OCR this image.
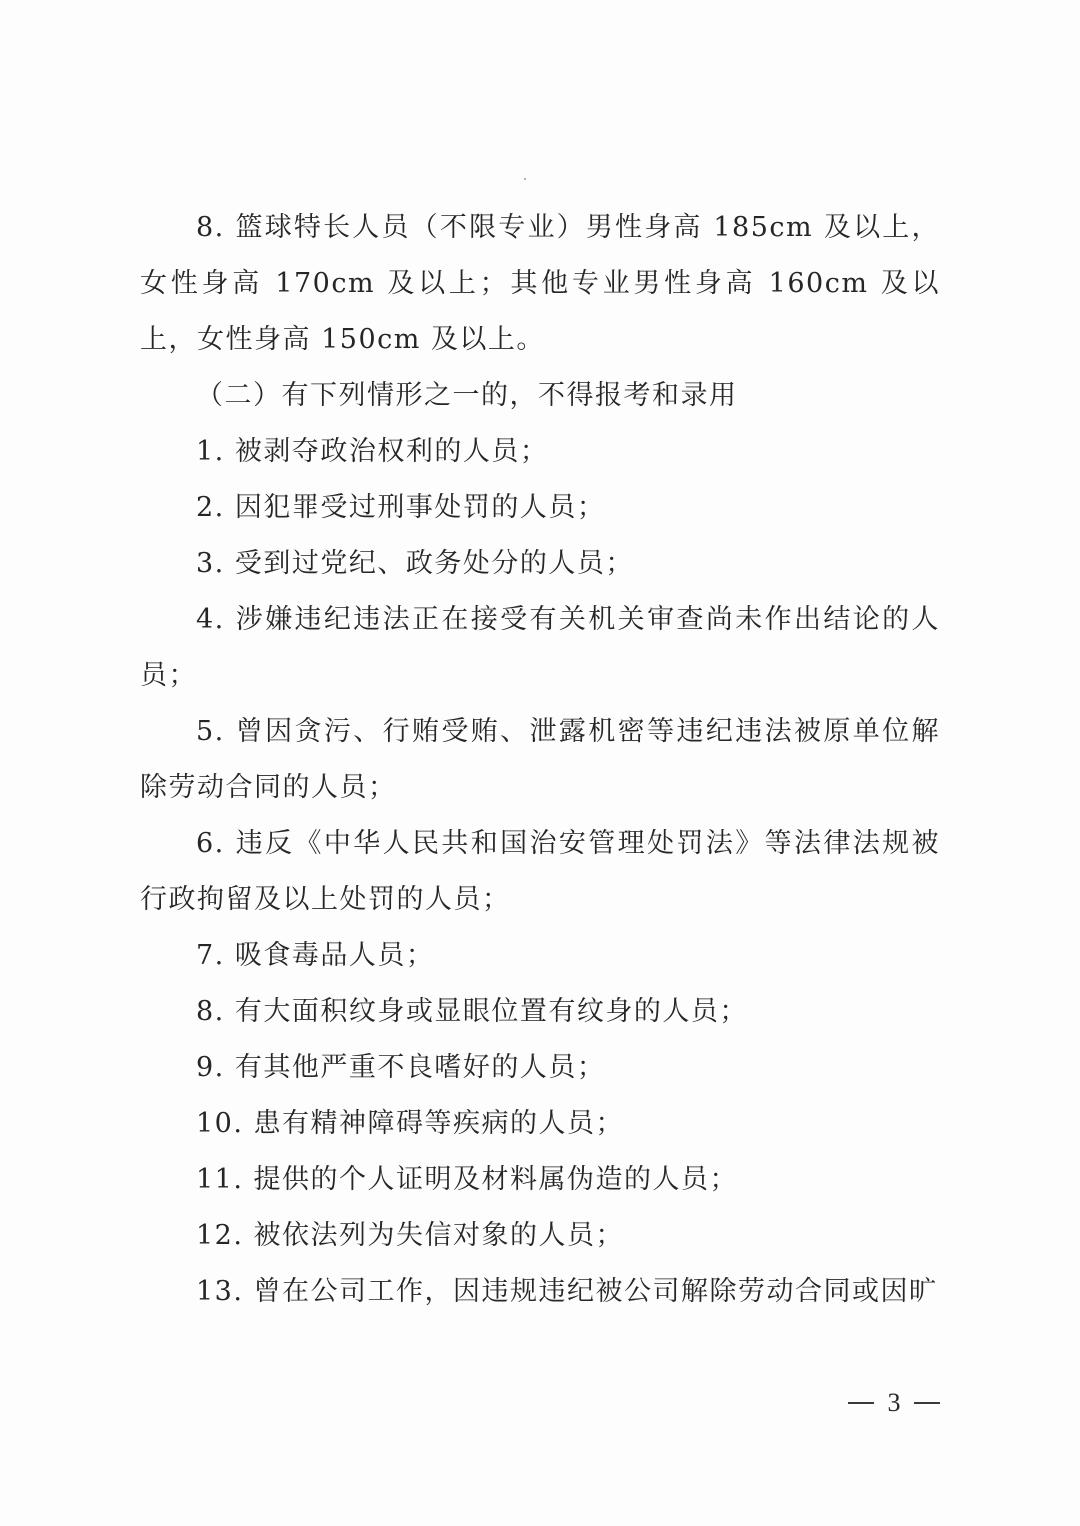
8. 篮球特长人员（不限专业）男性身高 185cm 及以上，女性身高 170cm 及以上；其他专业男性身高 160cm 及以上，女性身高 150cm 及以上。

（二）有下列情形之一的，不得报考和录用

1. 被剥夺政治权利的人员；

2. 因犯罪受过刑事处罚的人员；

3. 受到过党纪、政务处分的人员；

4. 涉嫌违纪违法正在接受有关机关审查尚未作出结论的人员；

5. 曾因贪污、行贿受贿、泄露机密等违纪违法被原单位解除劳动合同的人员；

6. 违反《中华人民共和国治安管理处罚法》等法律法规被行政拘留及以上处罚的人员；

7. 吸食毒品人员；

8. 有大面积纹身或显眼位置有纹身的人员；

9. 有其他严重不良嗜好的人员；

10. 患有精神障碍等疾病的人员；

11. 提供的个人证明及材料属伪造的人员；

12. 被依法列为失信对象的人员；

13. 曾在公司工作，因违规违纪被公司解除劳动合同或因旷

3
